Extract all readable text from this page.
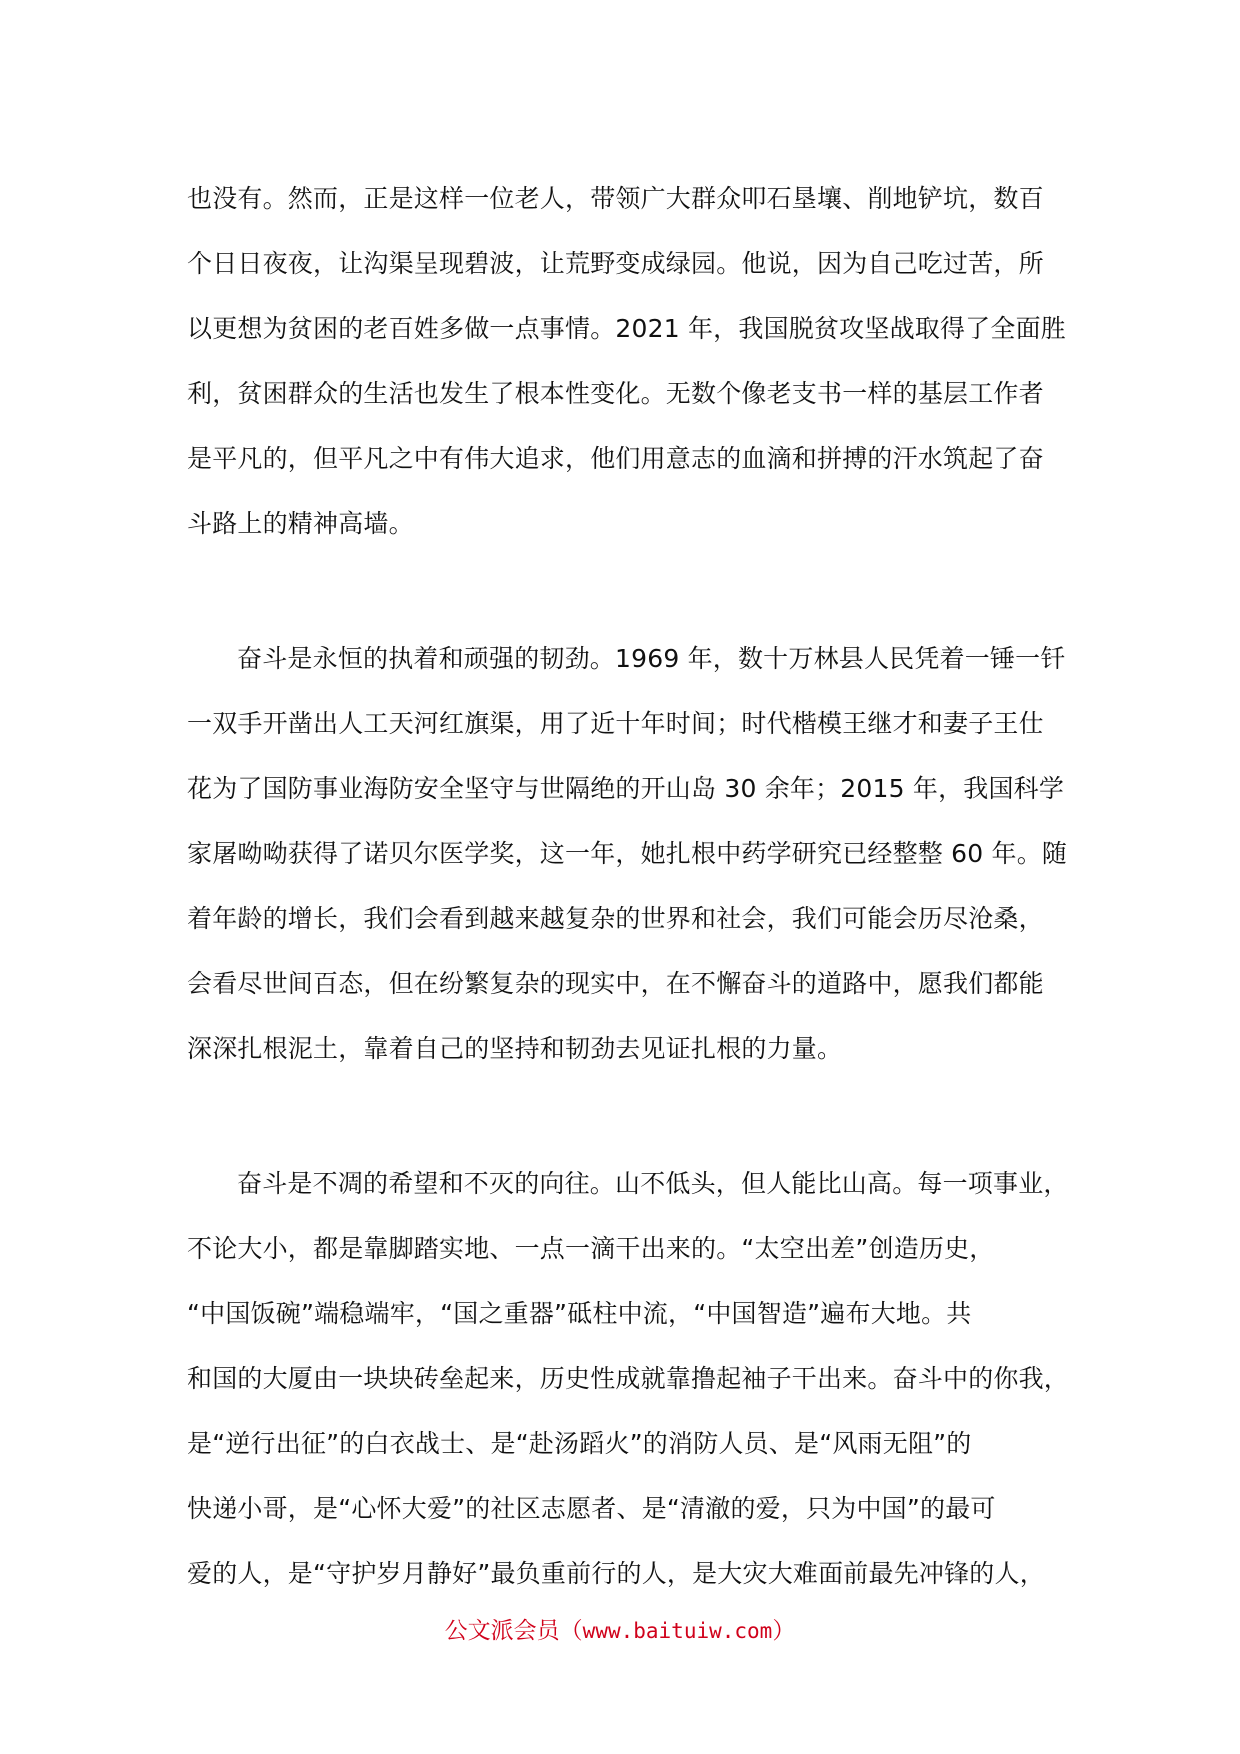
也没有。然而，正是这样一位老人，带领广大群众叩石垦壤、削地铲坑，数百
个日日夜夜，让沟渠呈现碧波，让荒野变成绿园。他说，因为自己吃过苦，所
以更想为贫困的老百姓多做一点事情。2021 年，我国脱贫攻坚战取得了全面胜
利，贫困群众的生活也发生了根本性变化。无数个像老支书一样的基层工作者
是平凡的，但平凡之中有伟大追求，他们用意志的血滴和拼搏的汗水筑起了奋
斗路上的精神高墙。
奋斗是永恒的执着和顽强的韧劲。1969 年，数十万林县人民凭着一锤一钎
一双手开凿出人工天河红旗渠，用了近十年时间；时代楷模王继才和妻子王仕
花为了国防事业海防安全坚守与世隔绝的开山岛 30 余年；2015 年，我国科学
家屠呦呦获得了诺贝尔医学奖，这一年，她扎根中药学研究已经整整 60 年。随
着年龄的增长，我们会看到越来越复杂的世界和社会，我们可能会历尽沧桑，
会看尽世间百态，但在纷繁复杂的现实中，在不懈奋斗的道路中，愿我们都能
深深扎根泥土，靠着自己的坚持和韧劲去见证扎根的力量。
奋斗是不凋的希望和不灭的向往。山不低头，但人能比山高。每一项事业，
不论大小，都是靠脚踏实地、一点一滴干出来的。“太空出差”创造历史，
“中国饭碗”端稳端牢，“国之重器”砥柱中流，“中国智造”遍布大地。共
和国的大厦由一块块砖垒起来，历史性成就靠撸起袖子干出来。奋斗中的你我，
是“逆行出征”的白衣战士、是“赴汤蹈火”的消防人员、是“风雨无阻”的
快递小哥，是“心怀大爱”的社区志愿者、是“清澈的爱，只为中国”的最可
爱的人，是“守护岁月静好”最负重前行的人，是大灾大难面前最先冲锋的人，
公文派会员（www.baituiw.com）
